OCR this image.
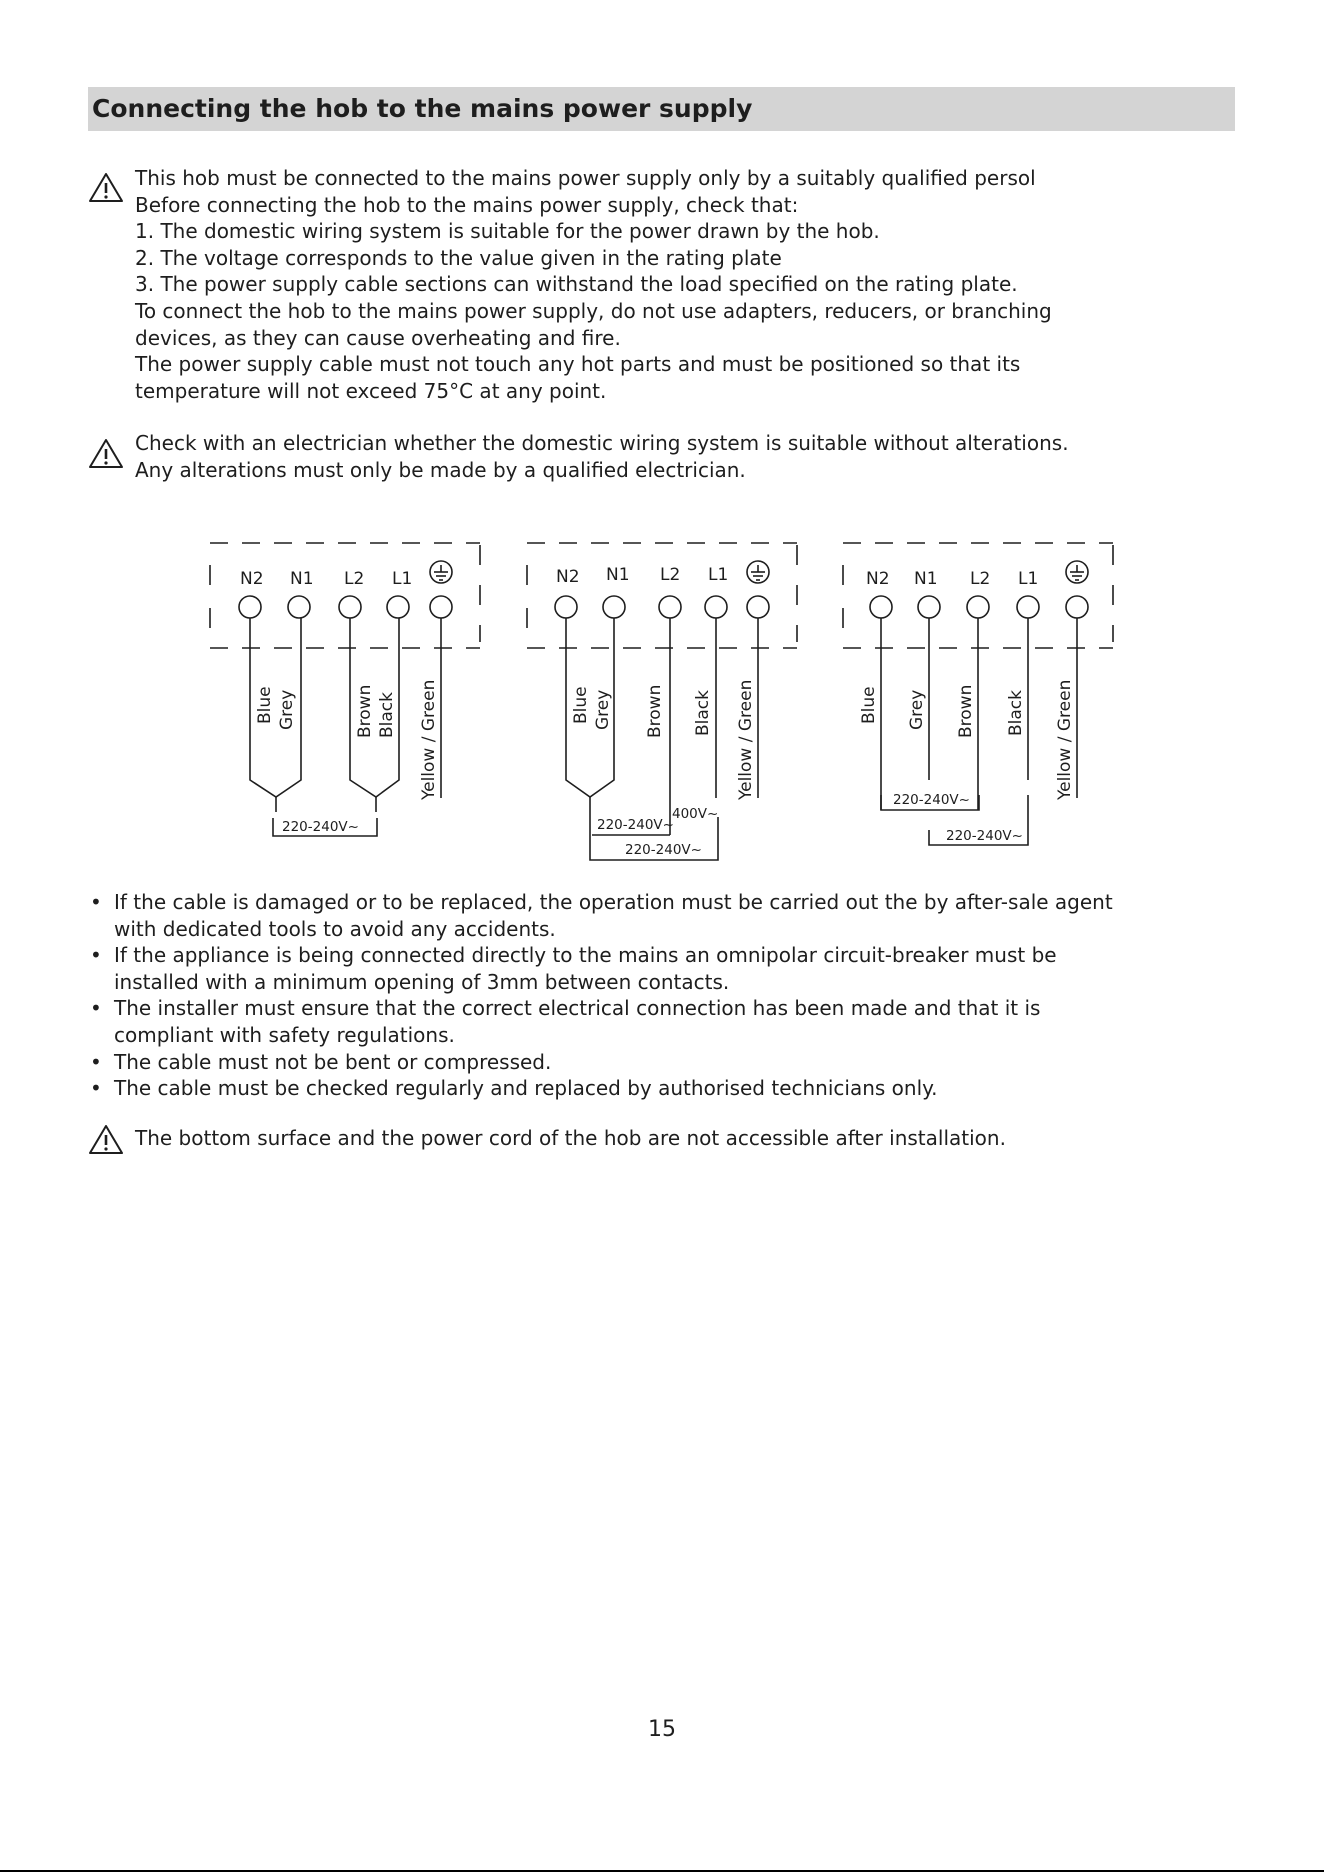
Connecting the hob to the mains power supply
This hob must be connected to the mains power supply only by a suitably qualified persol
Before connecting the hob to the mains power supply, check that:
1. The domestic wiring system is suitable for the power drawn by the hob.
2. The voltage corresponds to the value given in the rating plate
3. The power supply cable sections can withstand the load specified on the rating plate.
To connect the hob to the mains power supply, do not use adapters, reducers, or branching
devices, as they can cause overheating and fire.
The power supply cable must not touch any hot parts and must be positioned so that its
temperature will not exceed 75°C at any point.
Check with an electrician whether the domestic wiring system is suitable without alterations.
Any alterations must only be made by a qualified electrician.
N2 N1 L2 L1	N2 N1 L2 L1	N2 N1 L2 L1
Blue Grey	Brown Black Yellow / Green	Blue Grey Brown Black Yellow / Green	Blue Grey Brown Black Yellow / Green
220-240V~	220-240V~
400V~
220-240V~
220-240V~
220-240V~
• If the cable is damaged or to be replaced, the operation must be carried out the by after-sale agent
with dedicated tools to avoid any accidents.
• If the appliance is being connected directly to the mains an omnipolar circuit-breaker must be
installed with a minimum opening of 3mm between contacts.
• The installer must ensure that the correct electrical connection has been made and that it is
compliant with safety regulations.
• The cable must not be bent or compressed.
• The cable must be checked regularly and replaced by authorised technicians only.
The bottom surface and the power cord of the hob are not accessible after installation.
15
